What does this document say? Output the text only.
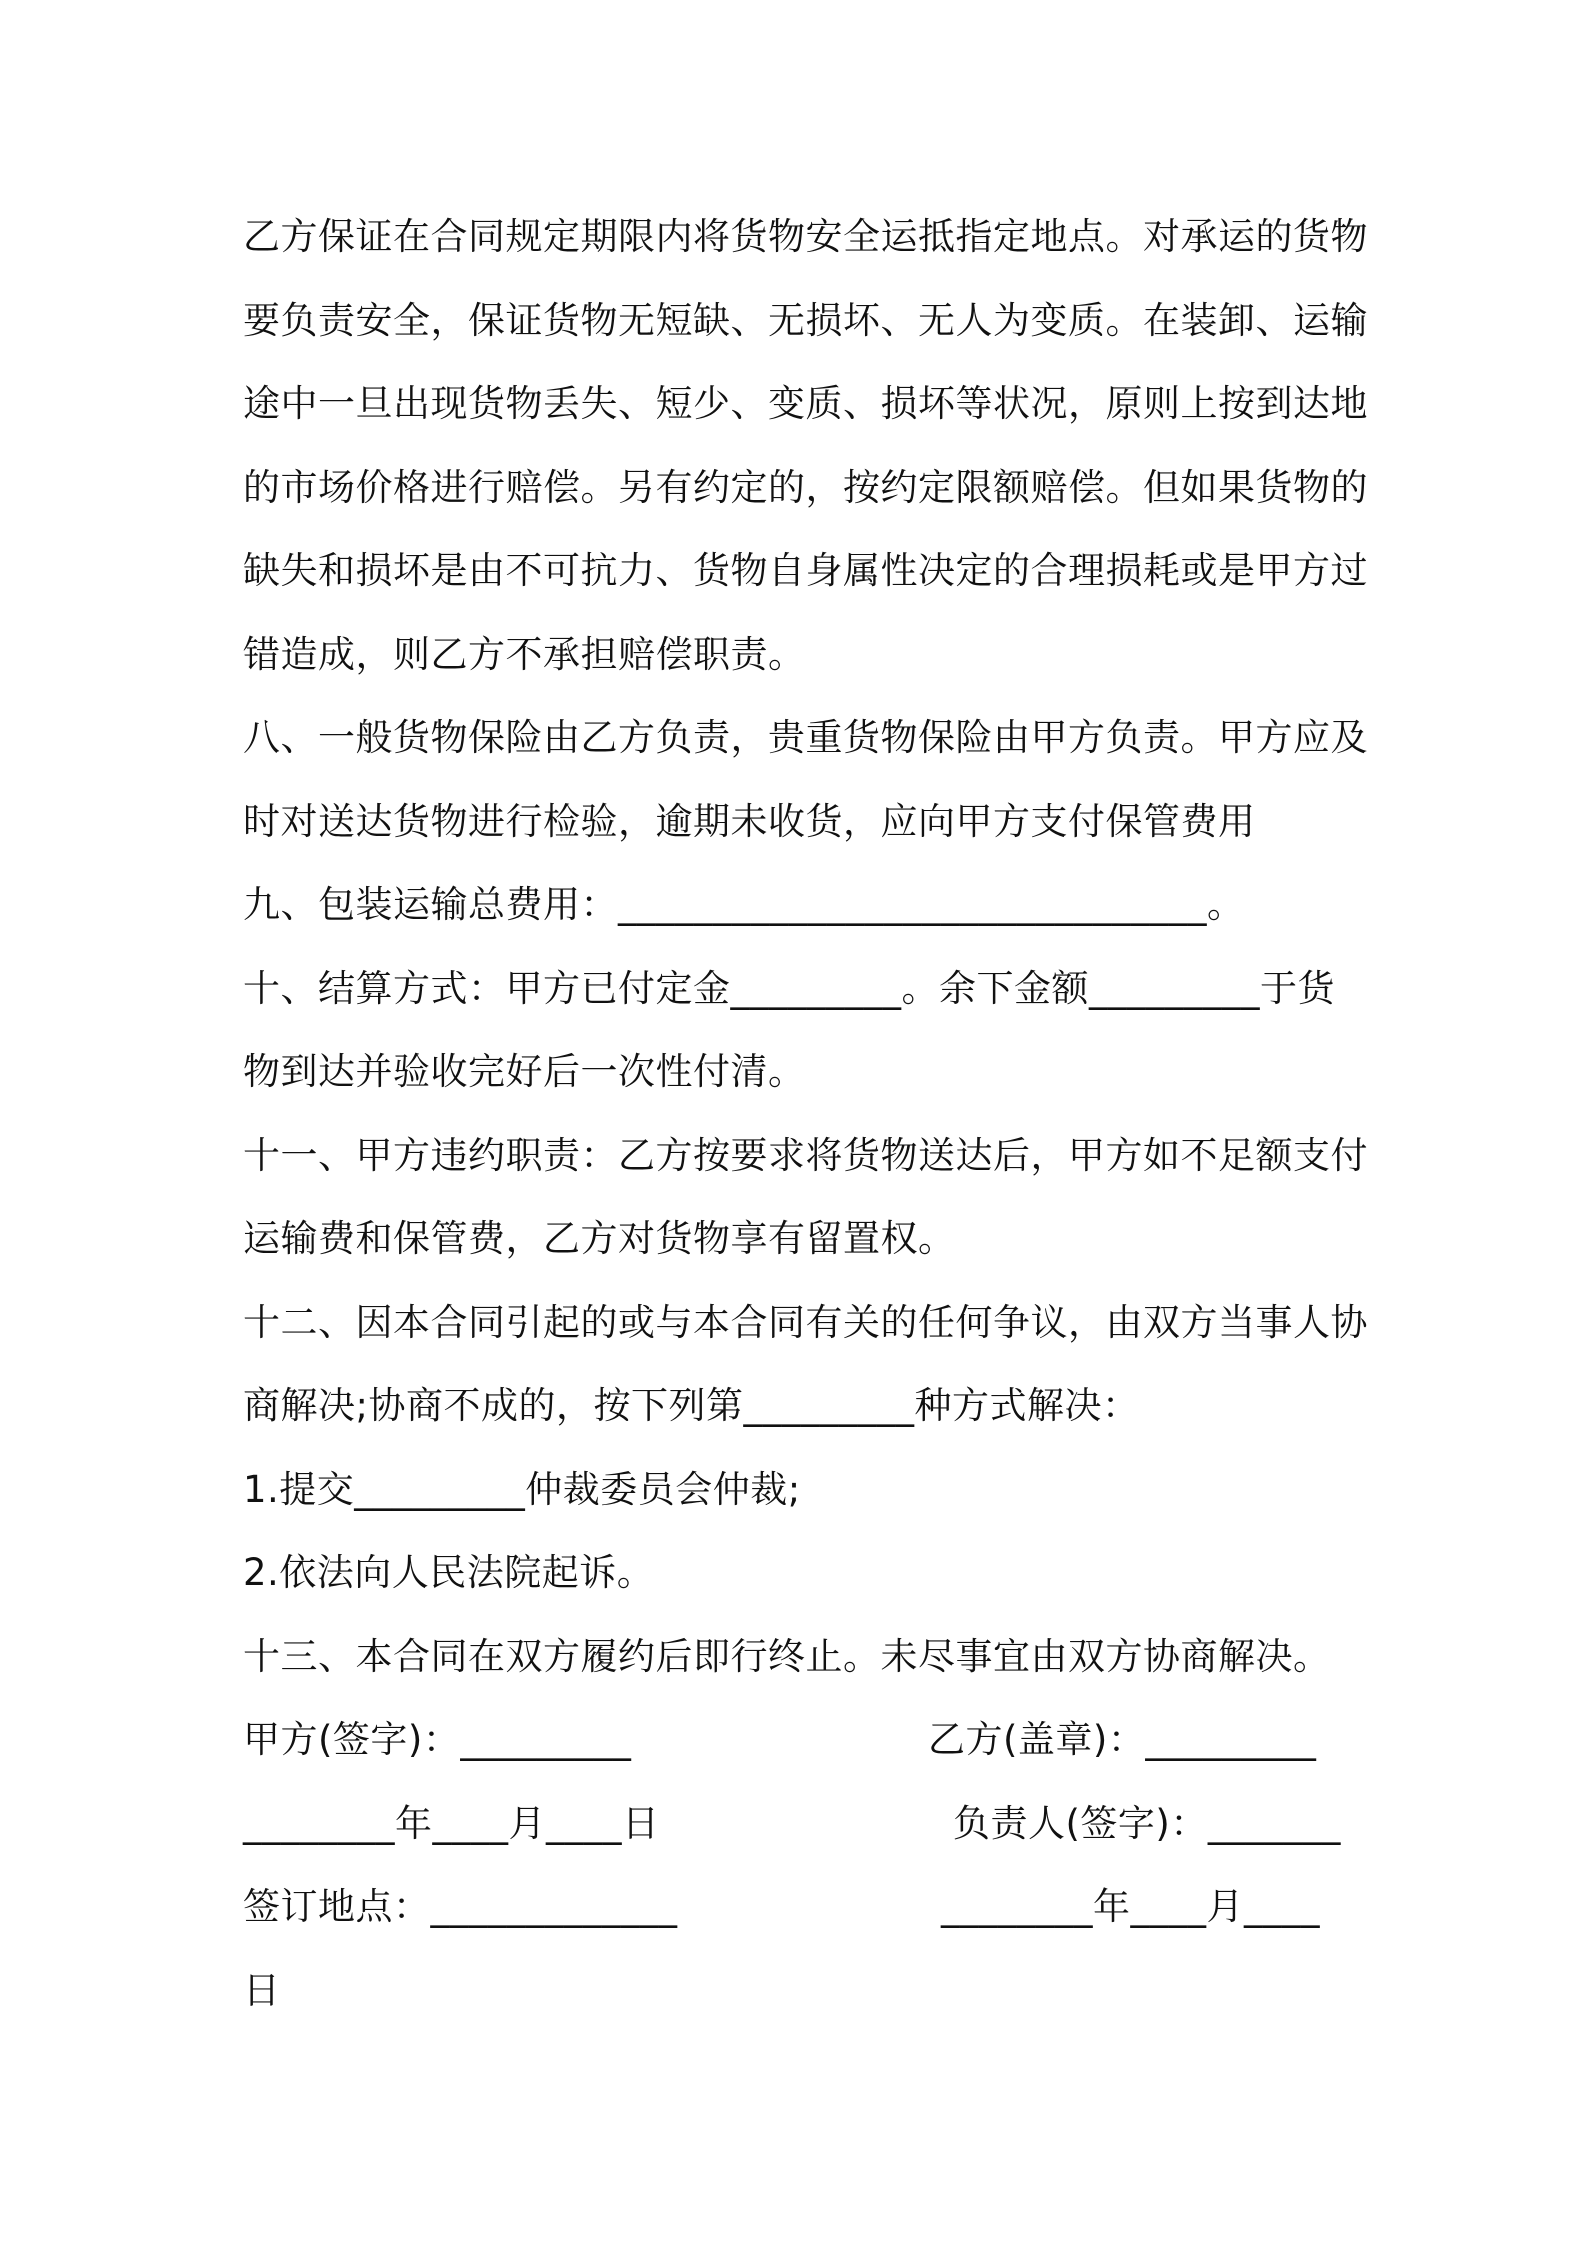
乙方保证在合同规定期限内将货物安全运抵指定地点。对承运的货物
要负责安全，保证货物无短缺、无损坏、无人为变质。在装卸、运输
途中一旦出现货物丢失、短少、变质、损坏等状况，原则上按到达地
的市场价格进行赔偿。另有约定的，按约定限额赔偿。但如果货物的
缺失和损坏是由不可抗力、货物自身属性决定的合理损耗或是甲方过
错造成，则乙方不承担赔偿职责。
八、一般货物保险由乙方负责，贵重货物保险由甲方负责。甲方应及
时对送达货物进行检验，逾期未收货，应向甲方支付保管费用
九、包装运输总费用：_______________________________。
十、结算方式：甲方已付定金_________。余下金额_________于货
物到达并验收完好后一次性付清。
十一、甲方违约职责：乙方按要求将货物送达后，甲方如不足额支付
运输费和保管费，乙方对货物享有留置权。
十二、因本合同引起的或与本合同有关的任何争议，由双方当事人协
商解决;协商不成的，按下列第_________种方式解决：
1.提交_________仲裁委员会仲裁;
2.依法向人民法院起诉。
十三、本合同在双方履约后即行终止。未尽事宜由双方协商解决。
甲方(签字)：_________	乙方(盖章)：_________
________年____月____日	负责人(签字)：_______
签订地点：_____________	________年____月____
日
